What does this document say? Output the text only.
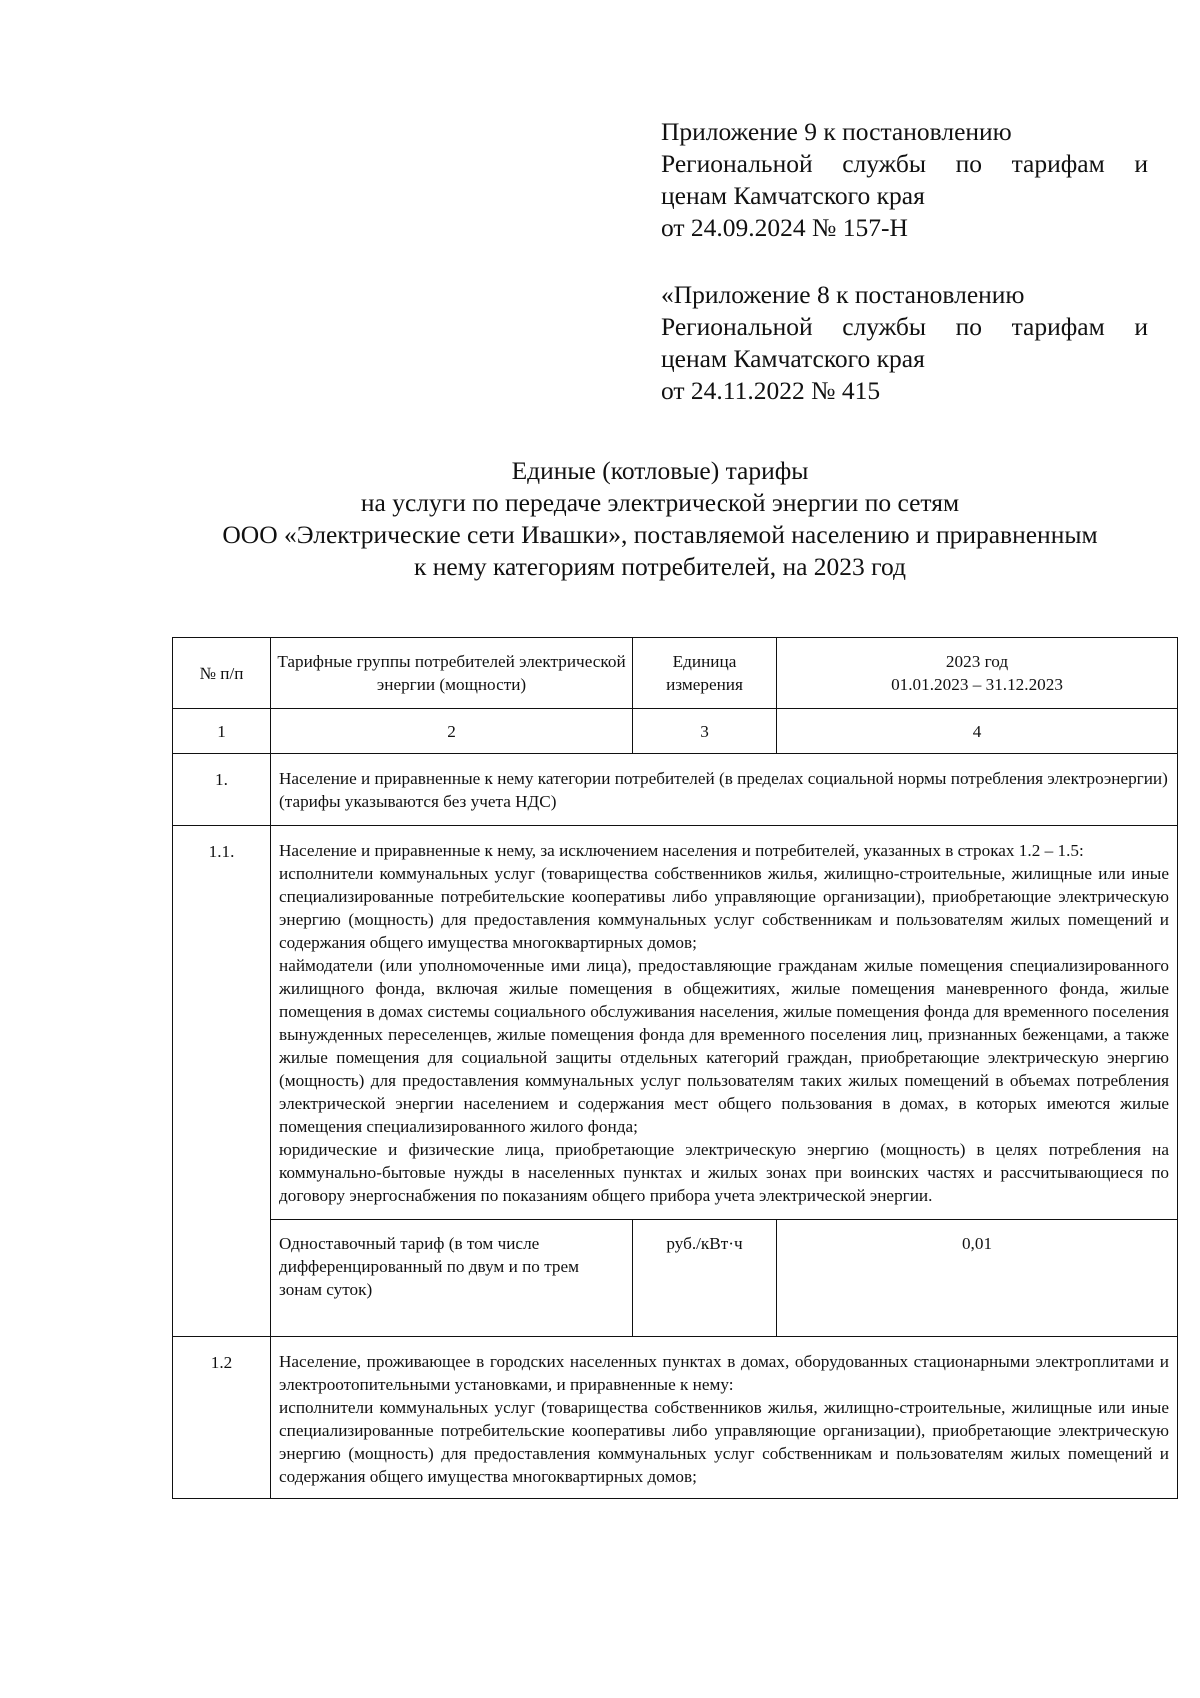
Приложение 9 к постановлению
Региональной службы по тарифам и
ценам Камчатского края
от 24.09.2024 № 157-Н
«Приложение 8 к постановлению
Региональной службы по тарифам и
ценам Камчатского края
от 24.11.2022 № 415
Единые (котловые) тарифы
на услуги по передаче электрической энергии по сетям
ООО «Электрические сети Ивашки», поставляемой населению и приравненным
к нему категориям потребителей, на 2023 год
№ п/п	Тарифные группы потребителей электрической энергии (мощности)	Единица измерения	2023 год
01.01.2023 – 31.12.2023

1	2	3	4
1.	Население и приравненные к нему категории потребителей (в пределах социальной нормы потребления электроэнергии) (тарифы указываются без учета НДС)		

1.1.	Население и приравненные к нему, за исключением населения и потребителей, указанных в строках 1.2 – 1.5:
исполнители коммунальных услуг (товарищества собственников жилья, жилищно-строительные, жилищные или иные специализированные потребительские кооперативы либо управляющие организации), приобретающие электрическую энергию (мощность) для предоставления коммунальных услуг собственникам и пользователям жилых помещений и содержания общего имущества многоквартирных домов;
наймодатели (или уполномоченные ими лица), предоставляющие гражданам жилые помещения специализированного жилищного фонда, включая жилые помещения в общежитиях, жилые помещения маневренного фонда, жилые помещения в домах системы социального обслуживания населения, жилые помещения фонда для временного поселения вынужденных переселенцев, жилые помещения фонда для временного поселения лиц, признанных беженцами, а также жилые помещения для социальной защиты отдельных категорий граждан, приобретающие электрическую энергию (мощность) для предоставления коммунальных услуг пользователям таких жилых помещений в объемах потребления электрической энергии населением и содержания мест общего пользования в домах, в которых имеются жилые помещения специализированного жилого фонда;
юридические и физические лица, приобретающие электрическую энергию (мощность) в целях потребления на коммунально-бытовые нужды в населенных пунктах и жилых зонах при воинских частях и рассчитывающиеся по договору энергоснабжения по показаниям общего прибора учета электрической энергии.		

	Одноставочный тариф (в том числе дифференцированный по двум и по трем зонам суток)	руб./кВт·ч	0,01
1.2	Население, проживающее в городских населенных пунктах в домах, оборудованных стационарными электроплитами и электроотопительными установками, и приравненные к нему:
исполнители коммунальных услуг (товарищества собственников жилья, жилищно-строительные, жилищные или иные специализированные потребительские кооперативы либо управляющие организации), приобретающие электрическую энергию (мощность) для предоставления коммунальных услуг собственникам и пользователям жилых помещений и содержания общего имущества многоквартирных домов;		
